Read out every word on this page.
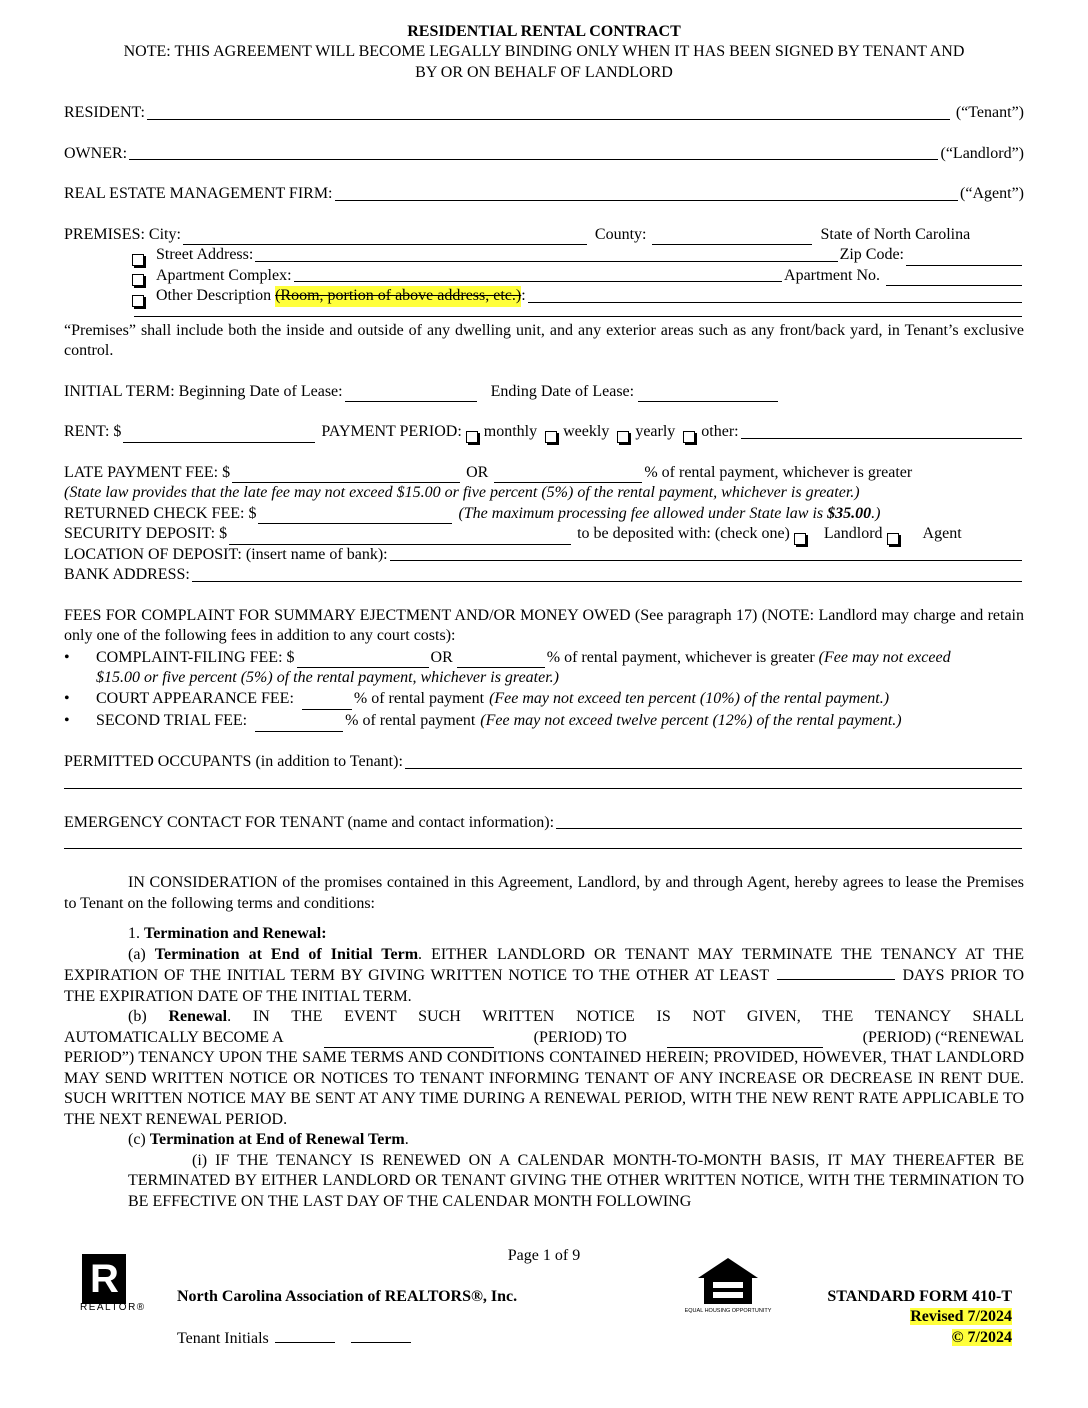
RESIDENTIAL RENTAL CONTRACT
NOTE: THIS AGREEMENT WILL BECOME LEGALLY BINDING ONLY WHEN IT HAS BEEN SIGNED BY TENANT AND
BY OR ON BEHALF OF LANDLORD
RESIDENT:	(“Tenant”)
OWNER:	(“Landlord”)
REAL ESTATE MANAGEMENT FIRM:	(“Agent”)
PREMISES: City:	County:	State of North Carolina
Street Address:	Zip Code:
Apartment Complex:	Apartment No.
Other Description (Room, portion of above address, etc.) :
“Premises” shall include both the inside and outside of any dwelling unit, and any exterior areas such as any front/back yard, in Tenant’s exclusive control.
INITIAL TERM: Beginning Date of Lease:	Ending Date of Lease:
RENT: $	PAYMENT PERIOD: monthly weekly yearly other:
LATE PAYMENT FEE: $	OR	% of rental payment, whichever is greater
(State law provides that the late fee may not exceed $15.00 or five percent (5%) of the rental payment, whichever is greater.)
RETURNED CHECK FEE: $	(The maximum processing fee allowed under State law is $35.00.)
SECURITY DEPOSIT: $	to be deposited with: (check one) Landlord	Agent
LOCATION OF DEPOSIT: (insert name of bank):
BANK ADDRESS:
FEES FOR COMPLAINT FOR SUMMARY EJECTMENT AND/OR MONEY OWED (See paragraph 17) (NOTE: Landlord may charge and retain only one of the following fees in addition to any court costs):
•	COMPLAINT-FILING FEE: $	OR	% of rental payment, whichever is greater (Fee may not exceed
$15.00 or five percent (5%) of the rental payment, whichever is greater.)
•	COURT APPEARANCE FEE:	% of rental payment (Fee may not exceed ten percent (10%) of the rental payment.)
•	SECOND TRIAL FEE:	% of rental payment (Fee may not exceed twelve percent (12%) of the rental payment.)
PERMITTED OCCUPANTS (in addition to Tenant):
EMERGENCY CONTACT FOR TENANT (name and contact information):
IN CONSIDERATION of the promises contained in this Agreement, Landlord, by and through Agent, hereby agrees to lease the Premises to Tenant on the following terms and conditions:
1. Termination and Renewal:
(a) Termination at End of Initial Term. EITHER LANDLORD OR TENANT MAY TERMINATE THE TENANCY AT THE EXPIRATION OF THE INITIAL TERM BY GIVING WRITTEN NOTICE TO THE OTHER AT LEAST	DAYS PRIOR TO THE EXPIRATION DATE OF THE INITIAL TERM.
(b) Renewal. IN THE EVENT SUCH WRITTEN NOTICE IS NOT GIVEN, THE TENANCY SHALL
AUTOMATICALLY BECOME A	(PERIOD) TO	(PERIOD) (“RENEWAL
PERIOD”) TENANCY UPON THE SAME TERMS AND CONDITIONS CONTAINED HEREIN; PROVIDED, HOWEVER, THAT LANDLORD MAY SEND WRITTEN NOTICE OR NOTICES TO TENANT INFORMING TENANT OF ANY INCREASE OR DECREASE IN RENT DUE. SUCH WRITTEN NOTICE MAY BE SENT AT ANY TIME DURING A RENEWAL PERIOD, WITH THE NEW RENT RATE APPLICABLE TO THE NEXT RENEWAL PERIOD.
(c) Termination at End of Renewal Term.
(i) IF THE TENANCY IS RENEWED ON A CALENDAR MONTH-TO-MONTH BASIS, IT MAY THEREAFTER BE TERMINATED BY EITHER LANDLORD OR TENANT GIVING THE OTHER WRITTEN NOTICE, WITH THE TERMINATION TO BE EFFECTIVE ON THE LAST DAY OF THE CALENDAR MONTH FOLLOWING
Page 1 of 9
R
REALTOR®
North Carolina Association of REALTORS®, Inc.
Tenant Initials
EQUAL HOUSING OPPORTUNITY
STANDARD FORM 410-T
Revised 7/2024
© 7/2024
